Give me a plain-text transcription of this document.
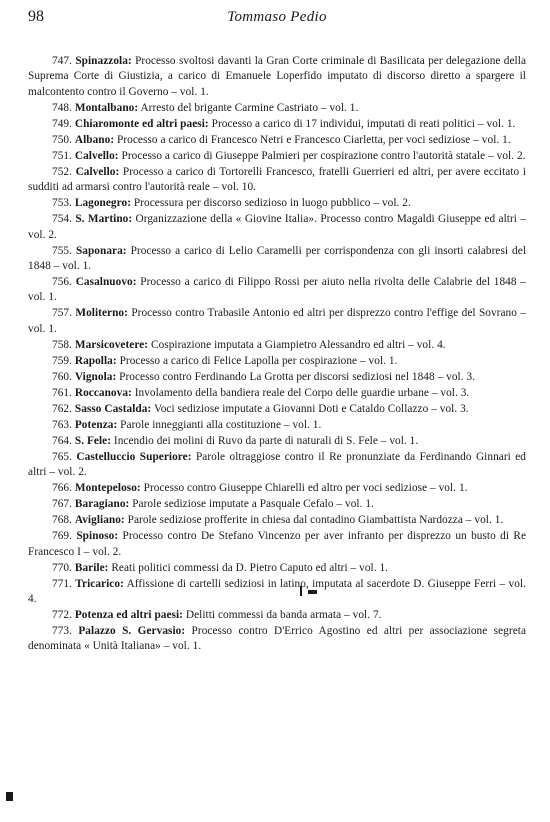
98	Tommaso Pedio

747. Spinazzola: Processo svoltosi davanti la Gran Corte criminale di Basilicata per delegazione della Suprema Corte di Giustizia, a carico di Emanuele Loperfido imputato di discorso diretto a spargere il malcontento contro il Governo – vol. 1.

748. Montalbano: Arresto del brigante Carmine Castriato – vol. 1.

749. Chiaromonte ed altri paesi: Processo a carico di 17 individui, imputati di reati politici – vol. 1.

750. Albano: Processo a carico di Francesco Netri e Francesco Ciarletta, per voci sediziose – vol. 1.

751. Calvello: Processo a carico di Giuseppe Palmieri per cospirazione contro l'autorità statale – vol. 2.

752. Calvello: Processo a carico di Tortorelli Francesco, fratelli Guerrieri ed altri, per avere eccitato i sudditi ad armarsi contro l'autorità reale – vol. 10.

753. Lagonegro: Processura per discorso sedizioso in luogo pubblico – vol. 2.

754. S. Martino: Organizzazione della « Giovine Italia». Processo contro Magaldi Giuseppe ed altri – vol. 2.

755. Saponara: Processo a carico di Lelio Caramelli per corrispondenza con gli insorti calabresi del 1848 – vol. 1.

756. Casalnuovo: Processo a carico di Filippo Rossi per aiuto nella rivolta delle Calabrie del 1848 – vol. 1.

757. Moliterno: Processo contro Trabasile Antonio ed altri per disprezzo contro l'effige del Sovrano – vol. 1.

758. Marsicovetere: Cospirazione imputata a Giampietro Alessandro ed altri – vol. 4.

759. Rapolla: Processo a carico di Felice Lapolla per cospirazione – vol. 1.

760. Vignola: Processo contro Ferdinando La Grotta per discorsi sediziosi nel 1848 – vol. 3.

761. Roccanova: Involamento della bandiera reale del Corpo delle guardie urbane – vol. 3.

762. Sasso Castalda: Voci sediziose imputate a Giovanni Doti e Cataldo Collazzo – vol. 3.

763. Potenza: Parole inneggianti alla costituzione – vol. 1.

764. S. Fele: Incendio dei molini di Ruvo da parte di naturali di S. Fele – vol. 1.

765. Castelluccio Superiore: Parole oltraggiose contro il Re pronunziate da Ferdinando Ginnari ed altri – vol. 2.

766. Montepeloso: Processo contro Giuseppe Chiarelli ed altro per voci sediziose – vol. 1.

767. Baragiano: Parole sediziose imputate a Pasquale Cefalo – vol. 1.

768. Avigliano: Parole sediziose profferite in chiesa dal contadino Giambattista Nardozza – vol. 1.

769. Spinoso: Processo contro De Stefano Vincenzo per aver infranto per disprezzo un busto di Re Francesco I – vol. 2.

770. Barile: Reati politici commessi da D. Pietro Caputo ed altri – vol. 1.

771. Tricarico: Affissione di cartelli sediziosi in latino, imputata al sacerdote D. Giuseppe Ferri – vol. 4.

772. Potenza ed altri paesi: Delitti commessi da banda armata – vol. 7.

773. Palazzo S. Gervasio: Processo contro D'Errico Agostino ed altri per associazione segreta denominata « Unità Italiana» – vol. 1.
